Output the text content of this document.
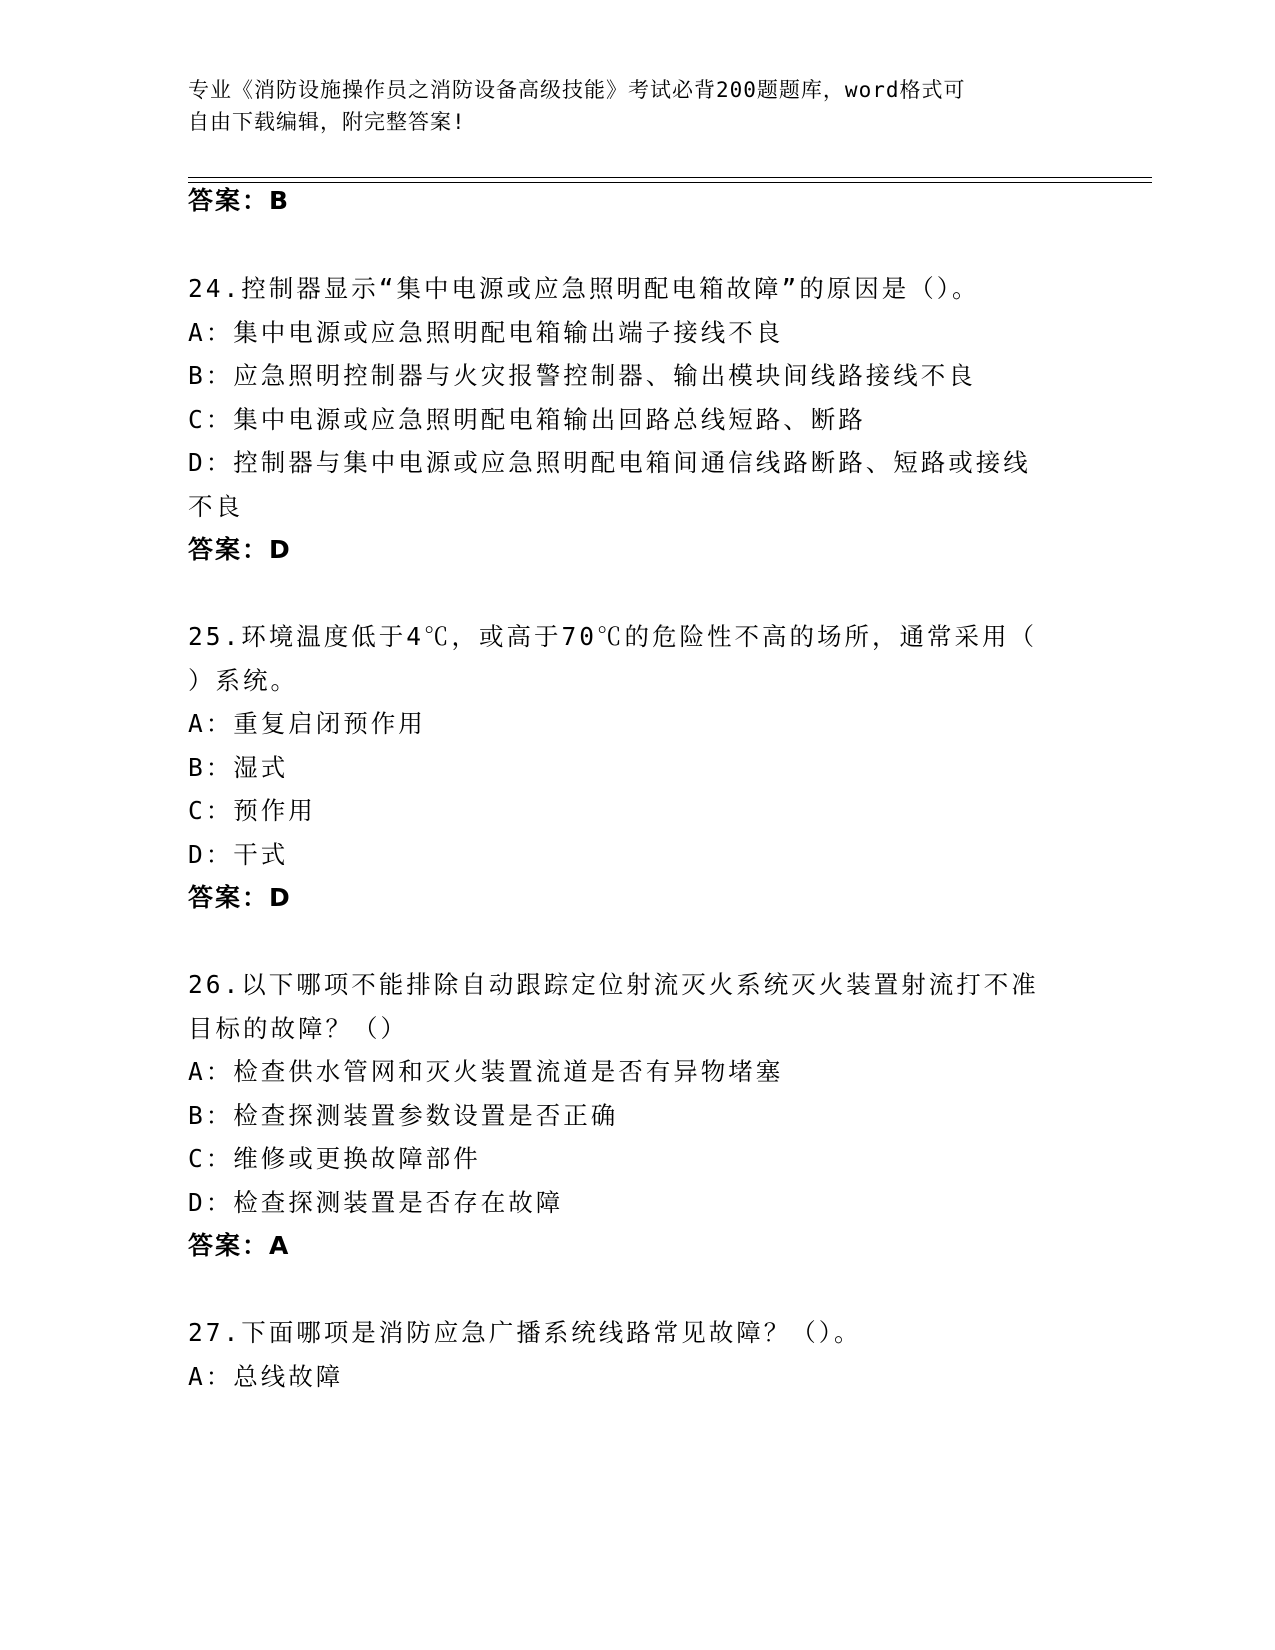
专业《消防设施操作员之消防设备高级技能》考试必背200题题库，word格式可
自由下载编辑，附完整答案!
答案：B
24.控制器显示“集中电源或应急照明配电箱故障”的原因是（）。
A：集中电源或应急照明配电箱输出端子接线不良
B：应急照明控制器与火灾报警控制器、输出模块间线路接线不良
C：集中电源或应急照明配电箱输出回路总线短路、断路
D：控制器与集中电源或应急照明配电箱间通信线路断路、短路或接线
不良
答案：D
25.环境温度低于4℃，或高于70℃的危险性不高的场所，通常采用（
）系统。
A：重复启闭预作用
B：湿式
C：预作用
D：干式
答案：D
26.以下哪项不能排除自动跟踪定位射流灭火系统灭火装置射流打不准
目标的故障？（）
A：检查供水管网和灭火装置流道是否有异物堵塞
B：检查探测装置参数设置是否正确
C：维修或更换故障部件
D：检查探测装置是否存在故障
答案：A
27.下面哪项是消防应急广播系统线路常见故障？（）。
A：总线故障
